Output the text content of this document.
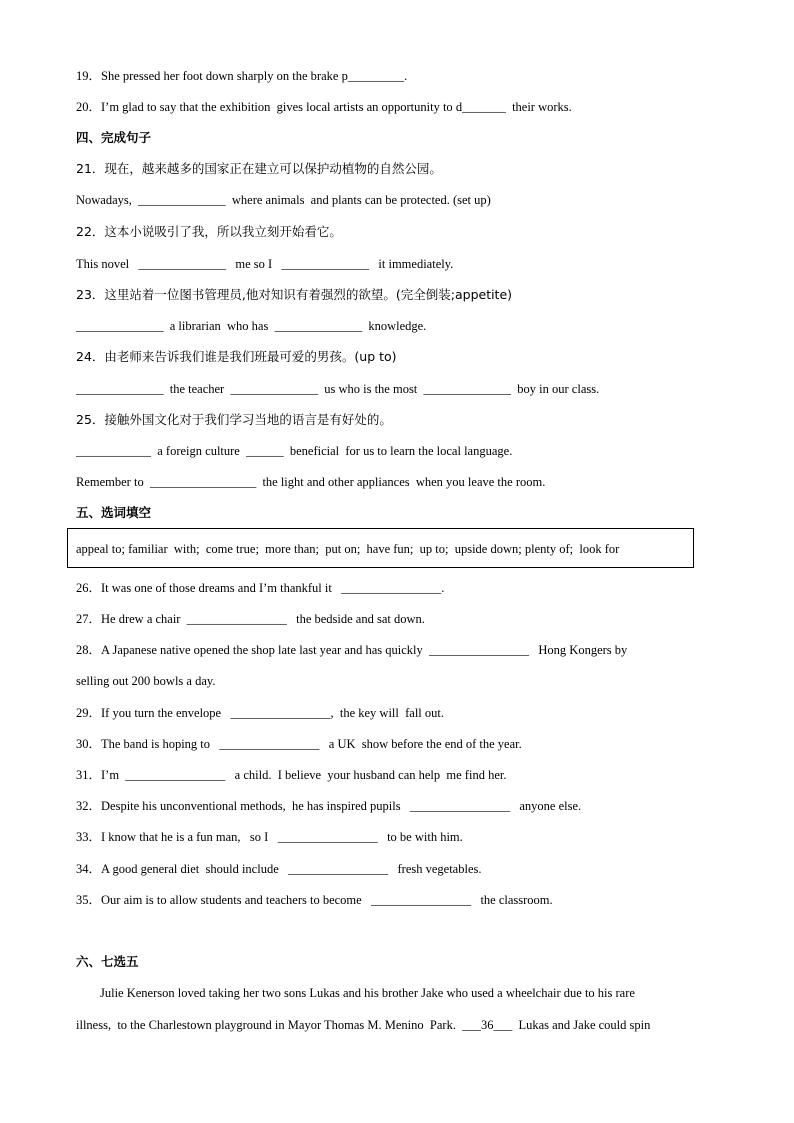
19．She pressed her foot down sharply on the brake p_________.
20．I’m glad to say that the exhibition  gives local artists an opportunity to d_______  their works.
四、完成句子
21．现在，越来越多的国家正在建立可以保护动植物的自然公园。
Nowadays,  ______________  where animals  and plants can be protected. (set up)
22．这本小说吸引了我，所以我立刻开始看它。
This novel   ______________   me so I   ______________   it immediately.
23．这里站着一位图书管理员,他对知识有着强烈的欲望。(完全倒装;appetite)
______________  a librarian  who has  ______________  knowledge.
24．由老师来告诉我们谁是我们班最可爱的男孩。(up to)
______________  the teacher  ______________  us who is the most  ______________  boy in our class.
25．接触外国文化对于我们学习当地的语言是有好处的。
____________  a foreign culture  ______  beneficial  for us to learn the local language.
Remember to  _________________  the light and other appliances  when you leave the room.
五、选词填空
appeal to; familiar  with;  come true;  more than;  put on;  have fun;  up to;  upside down; plenty of;  look for
26．It was one of those dreams and I’m thankful it   ________________.
27．He drew a chair  ________________   the bedside and sat down.
28．A Japanese native opened the shop late last year and has quickly  ________________   Hong Kongers by
selling out 200 bowls a day.
29．If you turn the envelope   ________________,  the key will  fall out.
30．The band is hoping to   ________________   a UK  show before the end of the year.
31．I’m  ________________   a child.  I believe  your husband can help  me find her.
32．Despite his unconventional methods,  he has inspired pupils   ________________   anyone else.
33．I know that he is a fun man,   so I   ________________   to be with him.
34．A good general diet  should include   ________________   fresh vegetables.
35．Our aim is to allow students and teachers to become   ________________   the classroom.
六、七选五
Julie Kenerson loved taking her two sons Lukas and his brother Jake who used a wheelchair due to his rare
illness,  to the Charlestown playground in Mayor Thomas M. Menino  Park.  ___36___  Lukas and Jake could spin
